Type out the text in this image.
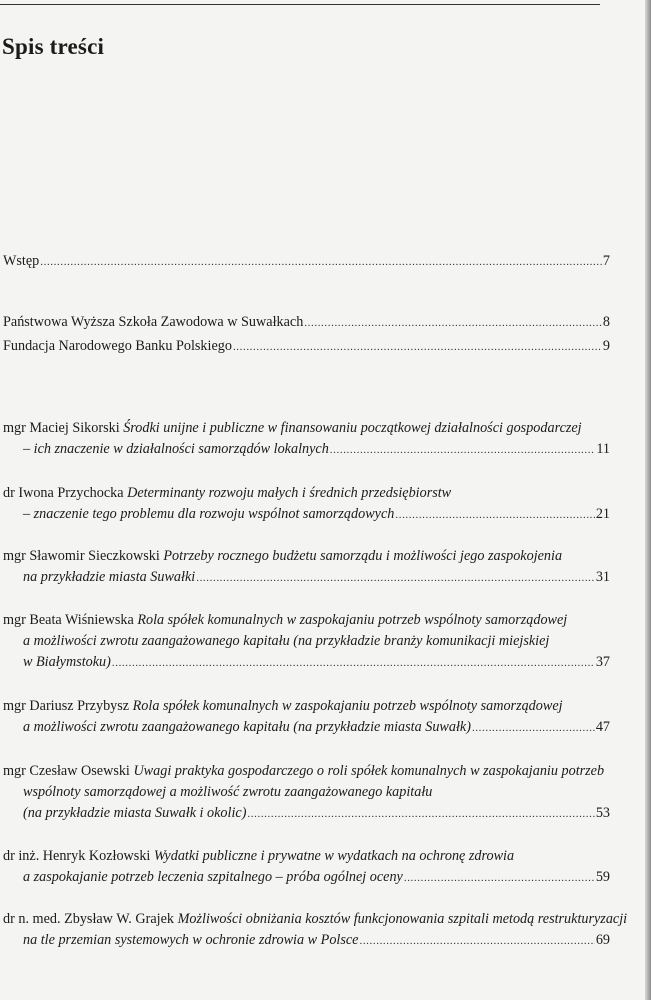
Spis treści
Wstęp .....	7
Państwowa Wyższa Szkoła Zawodowa w Suwałkach .....	8
Fundacja Narodowego Banku Polskiego .....	9
mgr Maciej Sikorski
Środki unijne i publiczne w finansowaniu początkowej działalności gospodarczej
– ich znaczenie w działalności samorządów lokalnych .....	11
dr Iwona Przychocka
Determinanty rozwoju małych i średnich przedsiębiorstw
– znaczenie tego problemu dla rozwoju wspólnot samorządowych .....	21
mgr Sławomir Sieczkowski
Potrzeby rocznego budżetu samorządu i możliwości jego zaspokojenia
na przykładzie miasta Suwałki .....	31
mgr Beata Wiśniewska
Rola spółek komunalnych w zaspokajaniu potrzeb wspólnoty samorządowej
a możliwości zwrotu zaangażowanego kapitału (na przykładzie branży komunikacji miejskiej
w Białymstoku) .....	37
mgr Dariusz Przybysz
Rola spółek komunalnych w zaspokajaniu potrzeb wspólnoty samorządowej
a możliwości zwrotu zaangażowanego kapitału (na przykładzie miasta Suwałk) .....	47
mgr Czesław Osewski
Uwagi praktyka gospodarczego o roli spółek komunalnych w zaspokajaniu potrzeb
wspólnoty samorządowej a możliwość zwrotu zaangażowanego kapitału
(na przykładzie miasta Suwałk i okolic) .....	53
dr inż. Henryk Kozłowski
Wydatki publiczne i prywatne w wydatkach na ochronę zdrowia
a zaspokajanie potrzeb leczenia szpitalnego – próba ogólnej oceny .....	59
dr n. med. Zbysław W. Grajek
Możliwości obniżania kosztów funkcjonowania szpitali metodą restrukturyzacji
na tle przemian systemowych w ochronie zdrowia w Polsce .....	69
